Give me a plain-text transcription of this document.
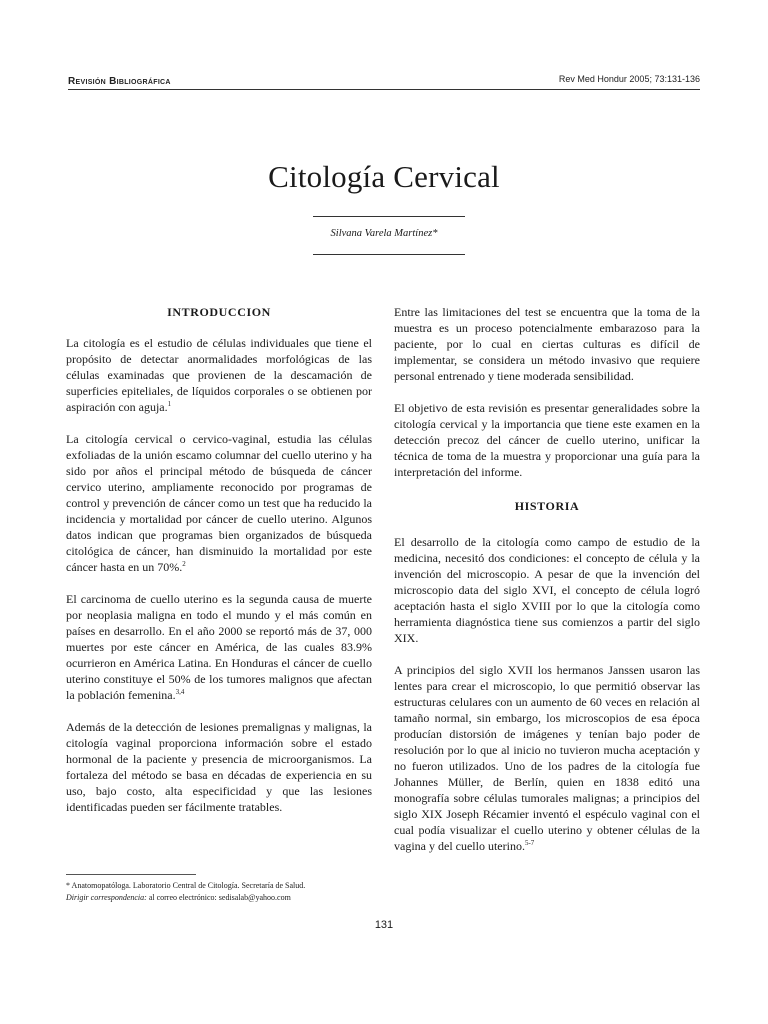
Revisión Bibliográfica	Rev Med Hondur 2005; 73:131-136
Citología Cervical
Silvana Varela Martínez*
INTRODUCCION

La citología es el estudio de células individuales que tiene el propósito de detectar anormalidades morfológicas de las células examinadas que provienen de la descamación de superficies epiteliales, de líquidos corporales o se obtienen por aspiración con aguja.$^1$

La citología cervical o cervico-vaginal, estudia las células exfoliadas de la unión escamo columnar del cuello uterino y ha sido por años el principal método de búsqueda de cáncer cervico uterino, ampliamente reconocido por programas de control y prevención de cáncer como un test que ha reducido la incidencia y mortalidad por cáncer de cuello uterino. Algunos datos indican que programas bien organizados de búsqueda citológica de cáncer, han disminuido la mortalidad por este cáncer hasta en un 70%.$^2$

El carcinoma de cuello uterino es la segunda causa de muerte por neoplasia maligna en todo el mundo y el más común en países en desarrollo. En el año 2000 se reportó más de 37, 000 muertes por este cáncer en América, de las cuales 83.9% ocurrieron en América Latina. En Honduras el cáncer de cuello uterino constituye el 50% de los tumores malignos que afectan la población femenina.$^{3,4}$

Además de la detección de lesiones premalignas y malignas, la citología vaginal proporciona información sobre el estado hormonal de la paciente y presencia de microorganismos. La fortaleza del método se basa en décadas de experiencia en su uso, bajo costo, alta especificidad y que las lesiones identificadas pueden ser fácilmente tratables.

Entre las limitaciones del test se encuentra que la toma de la muestra es un proceso potencialmente embarazoso para la paciente, por lo cual en ciertas culturas es difícil de implementar, se considera un método invasivo que requiere personal entrenado y tiene moderada sensibilidad.

El objetivo de esta revisión es presentar generalidades sobre la citología cervical y la importancia que tiene este examen en la detección precoz del cáncer de cuello uterino, unificar la técnica de toma de la muestra y proporcionar una guía para la interpretación del informe.

HISTORIA

El desarrollo de la citología como campo de estudio de la medicina, necesitó dos condiciones: el concepto de célula y la invención del microscopio. A pesar de que la invención del microscopio data del siglo XVI, el concepto de célula logró aceptación hasta el siglo XVIII por lo que la citología como herramienta diagnóstica tiene sus comienzos a partir del siglo XIX.

A principios del siglo XVII los hermanos Janssen usaron las lentes para crear el microscopio, lo que permitió observar las estructuras celulares con un aumento de 60 veces en relación al tamaño normal, sin embargo, los microscopios de esa época producían distorsión de imágenes y tenían bajo poder de resolución por lo que al inicio no tuvieron mucha aceptación y no fueron utilizados. Uno de los padres de la citología fue Johannes Müller, de Berlín, quien en 1838 editó una monografía sobre células tumorales malignas; a principios del siglo XIX Joseph Récamier inventó el espéculo vaginal con el cual podía visualizar el cuello uterino y obtener células de la vagina y del cuello uterino.$^{5-7}$

* Anatomopatóloga. Laboratorio Central de Citología. Secretaría de Salud.
Dirigir correspondencia: al correo electrónico: sedisalab@yahoo.com
131
